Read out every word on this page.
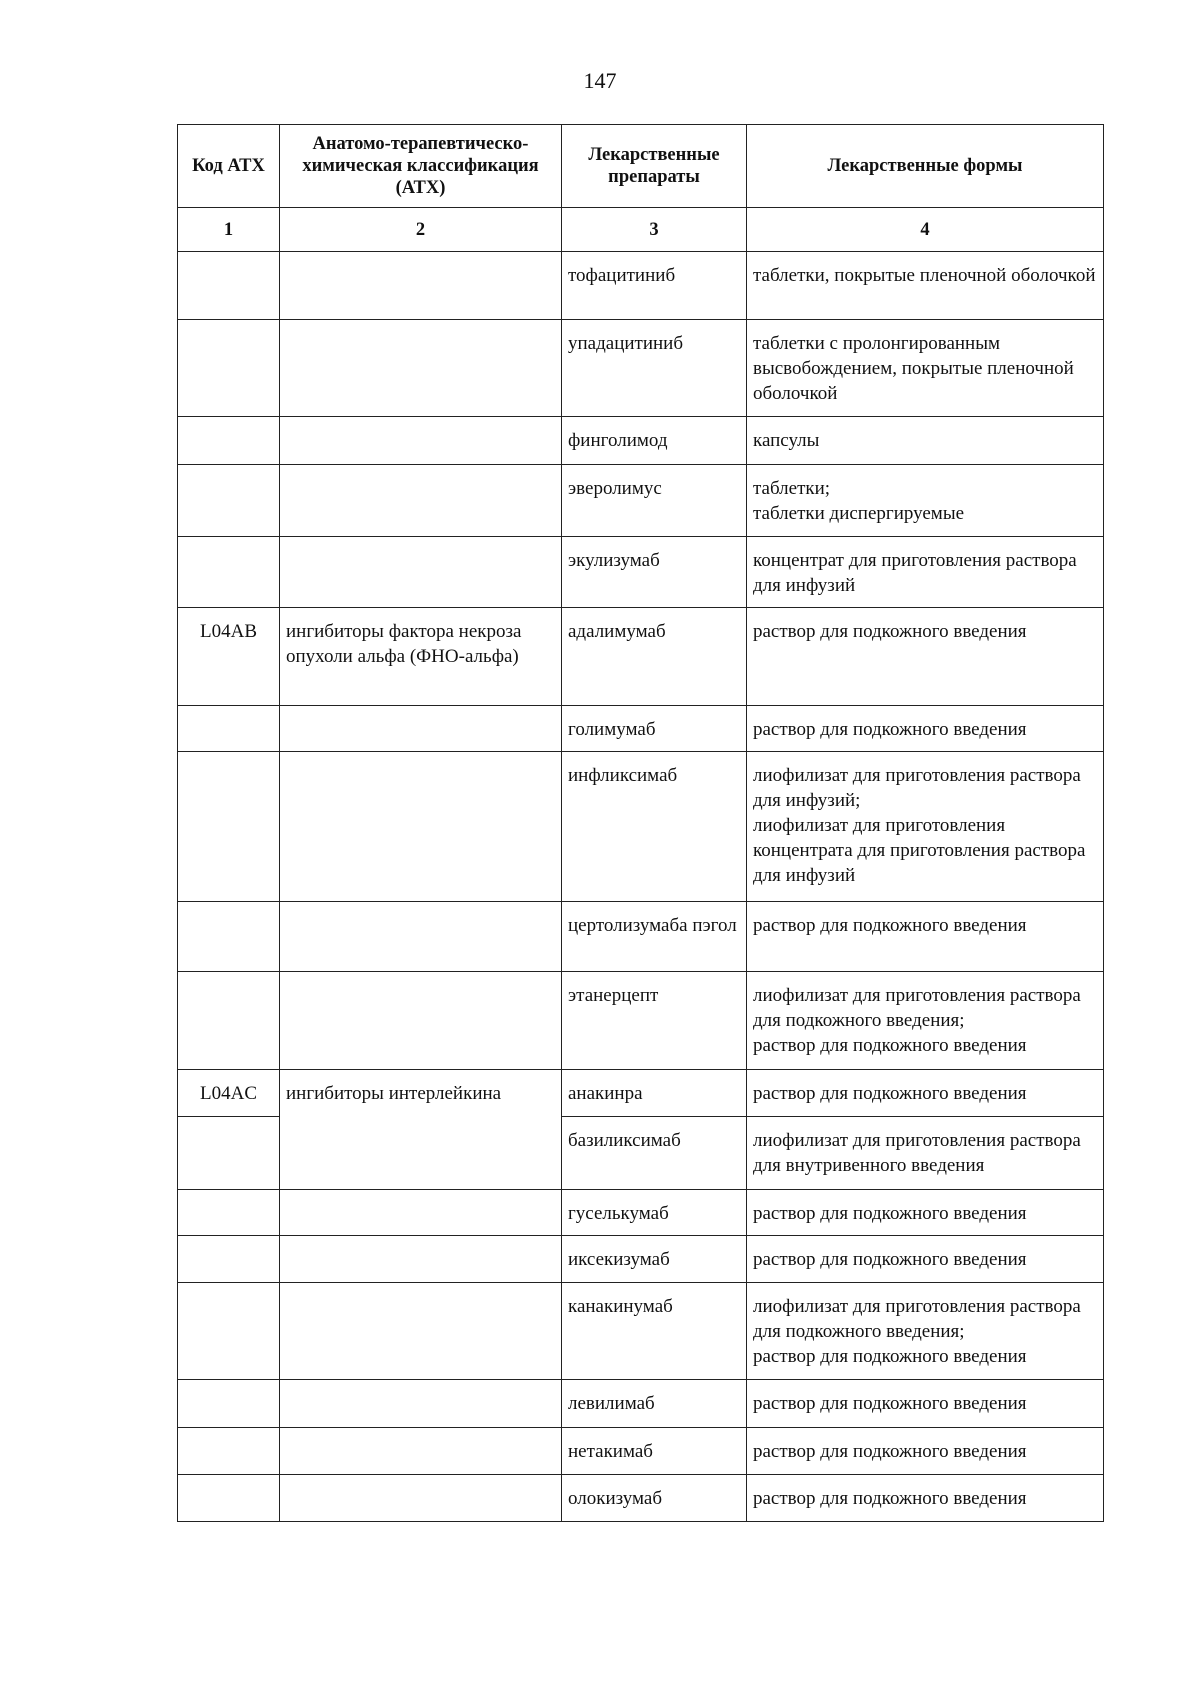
147
Код АТХ	Анатомо-терапевтическо-химическая классификация (АТХ)	Лекарственные препараты	Лекарственные формы
1	2	3	4
		тофацитиниб	таблетки, покрытые пленочной оболочкой

		упадацитиниб	таблетки с пролонгированным высвобождением, покрытые пленочной оболочкой

		финголимод	капсулы

		эверолимус	таблетки;
таблетки диспергируемые

		экулизумаб	концентрат для приготовления раствора для инфузий

L04AB	ингибиторы фактора некроза опухоли альфа (ФНО-альфа)	адалимумаб	раствор для подкожного введения

		голимумаб	раствор для подкожного введения

		инфликсимаб	лиофилизат для приготовления раствора для инфузий;
лиофилизат для приготовления концентрата для приготовления раствора для инфузий

		цертолизумаба пэгол	раствор для подкожного введения

		этанерцепт	лиофилизат для приготовления раствора для подкожного введения;
раствор для подкожного введения

L04AC	ингибиторы интерлейкина	анакинра	раствор для подкожного введения

		базиликсимаб	лиофилизат для приготовления раствора для внутривенного введения

		гуселькумаб	раствор для подкожного введения

		иксекизумаб	раствор для подкожного введения

		канакинумаб	лиофилизат для приготовления раствора для подкожного введения;
раствор для подкожного введения

		левилимаб	раствор для подкожного введения

		нетакимаб	раствор для подкожного введения

		олокизумаб	раствор для подкожного введения
